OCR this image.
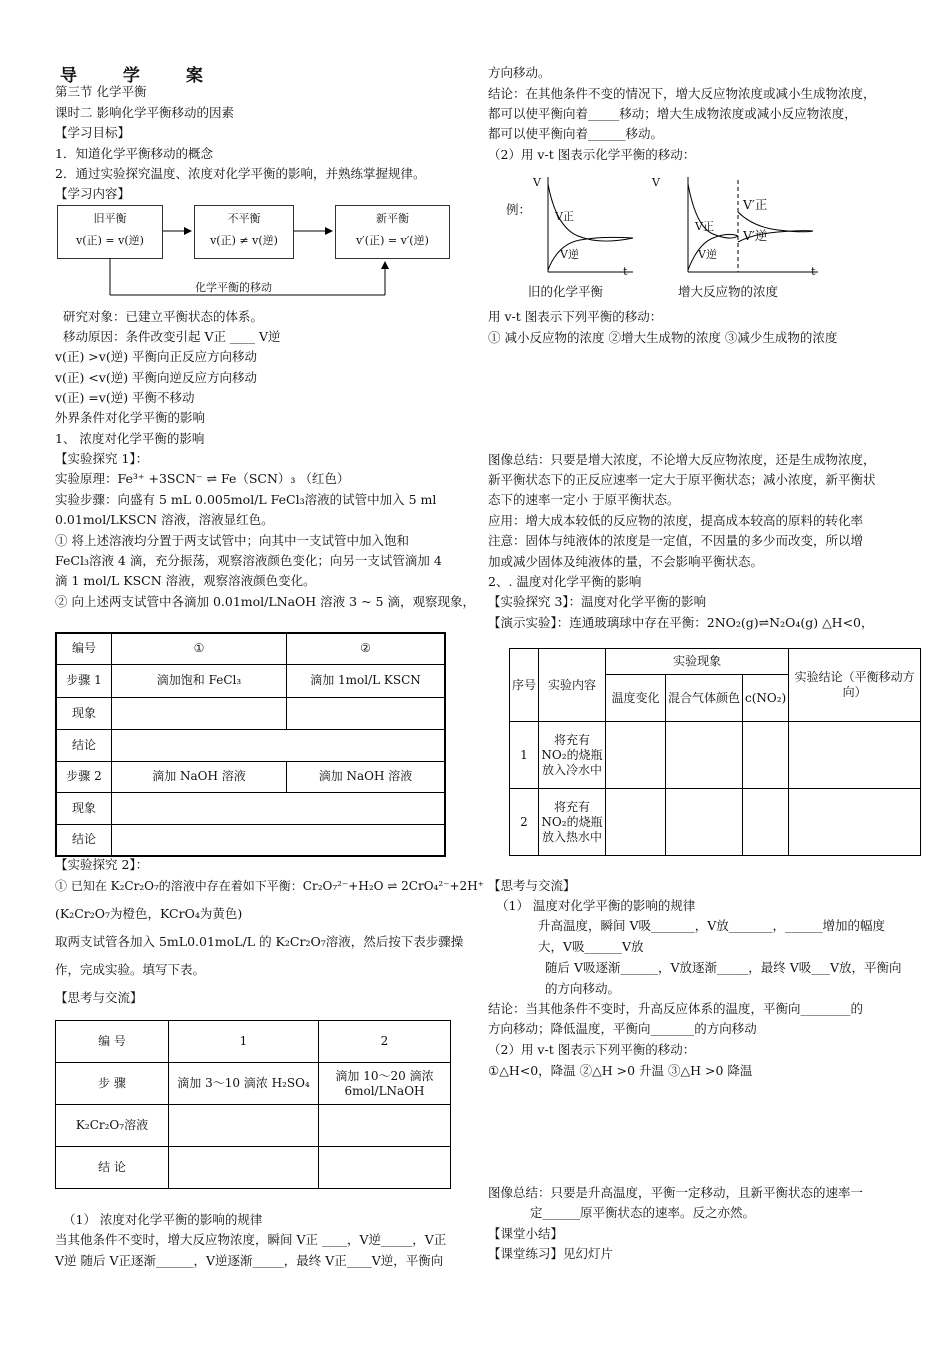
导 学 案
第三节 化学平衡
课时二 影响化学平衡移动的因素
【学习目标】
1．知道化学平衡移动的概念
2．通过实验探究温度、浓度对化学平衡的影响，并熟练掌握规律。
【学习内容】
旧平衡
v(正) = v(逆)
不平衡
v(正) ≠ v(逆)
新平衡
v′(正) = v′(逆)
化学平衡的移动
研究对象：已建立平衡状态的体系。
移动原因：条件改变引起 V正 ____ V逆
v(正) >v(逆) 平衡向正反应方向移动
v(正) <v(逆) 平衡向逆反应方向移动
v(正) =v(逆) 平衡不移动
外界条件对化学平衡的影响
1、 浓度对化学平衡的影响
【实验探究 1】：
实验原理：Fe³⁺ +3SCN⁻ ⇌ Fe（SCN）₃ （红色）
实验步骤：向盛有 5 mL 0.005mol/L FeCl₃溶液的试管中加入 5 ml
0.01mol/LKSCN 溶液，溶液显红色。
① 将上述溶液均分置于两支试管中；向其中一支试管中加入饱和
FeCl₃溶液 4 滴，充分振荡，观察溶液颜色变化；向另一支试管滴加 4
滴 1 mol/L KSCN 溶液，观察溶液颜色变化。
② 向上述两支试管中各滴加 0.01mol/LNaOH 溶液 3 ~ 5 滴，观察现象，
编号	①	②
步骤 1	滴加饱和 FeCl₃	滴加 1mol/L KSCN
现象		
结论		
步骤 2	滴加 NaOH 溶液	滴加 NaOH 溶液
现象		
结论		
【实验探究 2】：
① 已知在 K₂Cr₂O₇的溶液中存在着如下平衡：Cr₂O₇²⁻+H₂O ⇌ 2CrO₄²⁻+2H⁺
(K₂Cr₂O₇为橙色，KCrO₄为黄色)
取两支试管各加入 5mL0.01moL/L 的 K₂Cr₂O₇溶液，然后按下表步骤操
作，完成实验。填写下表。
【思考与交流】
编 号	1	2
步 骤	滴加 3～10 滴浓 H₂SO₄	滴加 10～20 滴浓 6mol/LNaOH
K₂Cr₂O₇溶液		
结 论		
（1） 浓度对化学平衡的影响的规律
当其他条件不变时，增大反应物浓度，瞬间 V正 ____，V逆_____，V正
V逆 随后 V正逐渐______，V逆逐渐_____，最终 V正____V逆，平衡向
方向移动。
结论：在其他条件不变的情况下，增大反应物浓度或减小生成物浓度，
都可以使平衡向着_____移动；增大生成物浓度或减小反应物浓度，
都可以使平衡向着______移动。
（2）用 v-t 图表示化学平衡的移动：
V
例： V正
V逆
t
V
V正
V逆
V′正
V′逆
t
旧的化学平衡	增大反应物的浓度
用 v-t 图表示下列平衡的移动：
① 减小反应物的浓度 ②增大生成物的浓度 ③减少生成物的浓度
图像总结：只要是增大浓度，不论增大反应物浓度，还是生成物浓度，
新平衡状态下的正反应速率一定大于原平衡状态；减小浓度，新平衡状
态下的速率一定小 于原平衡状态。
应用：增大成本较低的反应物的浓度，提高成本较高的原料的转化率
注意：固体与纯液体的浓度是一定值，不因量的多少而改变，所以增
加或减少固体及纯液体的量，不会影响平衡状态。
2、. 温度对化学平衡的影响
【实验探究 3】：温度对化学平衡的影响
【演示实验】：连通玻璃球中存在平衡：2NO₂(g)⇌N₂O₄(g) △H<0，
序号	实验内容	实验现象			实验结论（平衡移动方向）
		温度变化	混合气体颜色	c(NO₂)	
1	将充有 NO₂的烧瓶放入冷水中				
2	将充有 NO₂的烧瓶放入热水中				
【思考与交流】
（1） 温度对化学平衡的影响的规律
升高温度，瞬间 V吸_______，V放_______，______增加的幅度
大，V吸______V放
随后 V吸逐渐______，V放逐渐_____，最终 V吸___V放，平衡向
的方向移动。
结论：当其他条件不变时，升高反应体系的温度，平衡向________的
方向移动；降低温度，平衡向_______的方向移动
（2）用 v-t 图表示下列平衡的移动：
①△H<0，降温 ②△H >0 升温 ③△H >0 降温
图像总结：只要是升高温度，平衡一定移动，且新平衡状态的速率一
定______原平衡状态的速率。反之亦然。
【课堂小结】
【课堂练习】见幻灯片
